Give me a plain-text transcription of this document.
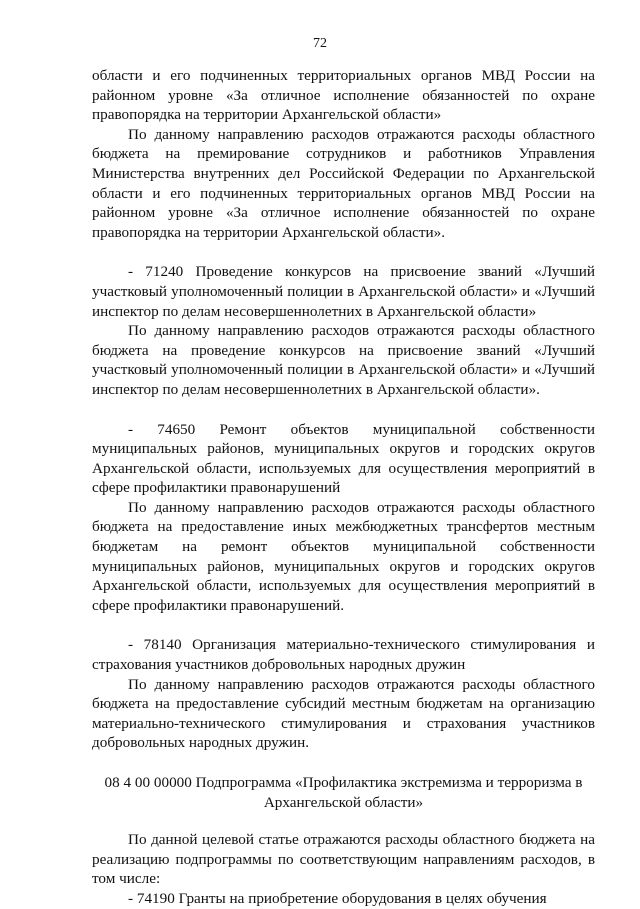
72

области и его подчиненных территориальных органов МВД России на районном уровне «За отличное исполнение обязанностей по охране правопорядка на территории Архангельской области»

По данному направлению расходов отражаются расходы областного бюджета на премирование сотрудников и работников Управления Министерства внутренних дел Российской Федерации по Архангельской области и его подчиненных территориальных органов МВД России на районном уровне «За отличное исполнение обязанностей по охране правопорядка на территории Архангельской области».

- 71240 Проведение конкурсов на присвоение званий «Лучший участковый уполномоченный полиции в Архангельской области» и «Лучший инспектор по делам несовершеннолетних в Архангельской области»

По данному направлению расходов отражаются расходы областного бюджета на проведение конкурсов на присвоение званий «Лучший участковый уполномоченный полиции в Архангельской области» и «Лучший инспектор по делам несовершеннолетних в Архангельской области».

- 74650 Ремонт объектов муниципальной собственности муниципальных районов, муниципальных округов и городских округов Архангельской области, используемых для осуществления мероприятий в сфере профилактики правонарушений

По данному направлению расходов отражаются расходы областного бюджета на предоставление иных межбюджетных трансфертов местным бюджетам на ремонт объектов муниципальной собственности муниципальных районов, муниципальных округов и городских округов Архангельской области, используемых для осуществления мероприятий в сфере профилактики правонарушений.

- 78140 Организация материально-технического стимулирования и страхования участников добровольных народных дружин

По данному направлению расходов отражаются расходы областного бюджета на предоставление субсидий местным бюджетам на организацию материально-технического стимулирования и страхования участников добровольных народных дружин.

08 4 00 00000 Подпрограмма «Профилактика экстремизма и терроризма в Архангельской области»

По данной целевой статье отражаются расходы областного бюджета на реализацию подпрограммы по соответствующим направлениям расходов, в том числе:

- 74190 Гранты на приобретение оборудования в целях обучения
